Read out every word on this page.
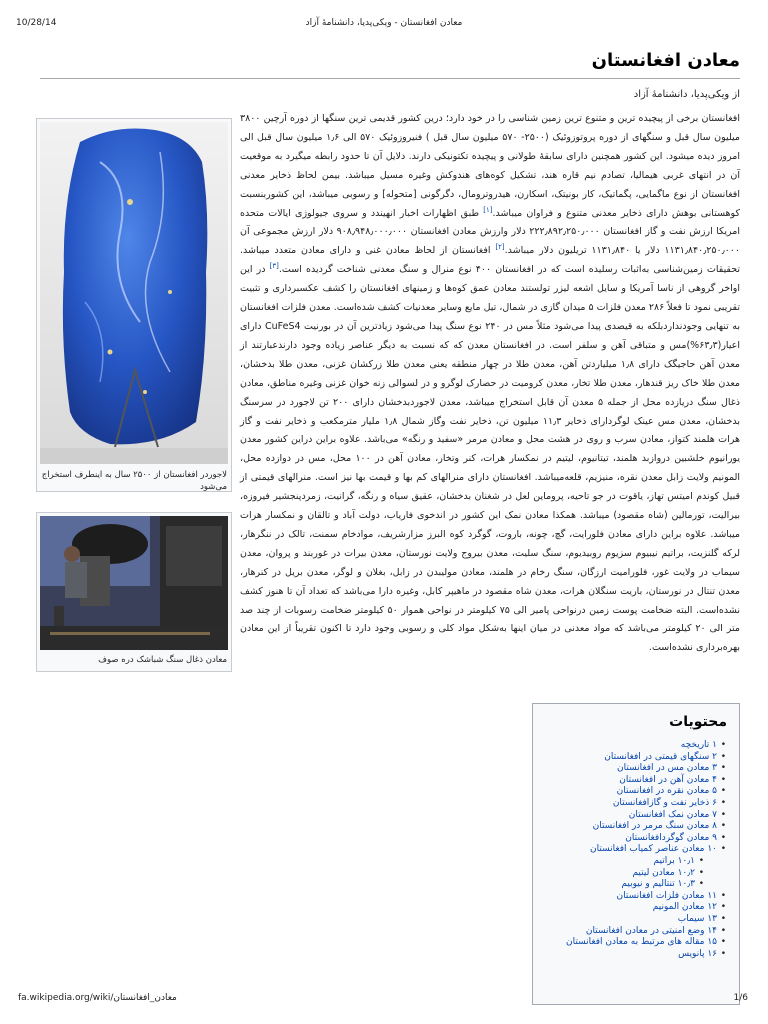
10/28/14	معادن افغانستان - ویکی‌پدیا، دانشنامهٔ آزاد
معادن افغانستان
از ویکی‌پدیا، دانشنامهٔ آزاد

افغانستان برخی از پیچیده ترین و متنوع ترین زمین شناسی را در خود دارد؛ درین کشور قدیمی ترین سنگها از دوره آرچین ۳۸۰۰ میلیون سال قبل و سنگهای از دوره پروتوزوئیک (۲۵۰۰- ۵۷۰ میلیون سال قبل ) فنیروزوئیک ۵۷۰ الی ۱٫۶ میلیون سال قبل الی امروز دیده میشود. این کشور همچنین دارای سابقهٔ طولانی و پیچیده تکتونیکی دارند. دلایل آن تا حدود رابطه میگیرد به موقعیت آن در انتهای غربی هیمالیا، تصادم نیم قاره هند، تشکیل کوه‌های هندوکش وغیره مسیل میباشد. بیمن لحاظ ذخایر معدنی افغانستان از نوع ماگمایی، پگماتیک، کار بونیتک، اسکارن، هیدروترومال، دگرگونی [متحوله] و رسوبی میباشد، این کشوربنسبت کوهستانی بوهش دارای ذخایر معدنی متنوع و فراوان میباشد.[۱] طبق اظهارات اخبار انهیندد و سروی جیولوژی ایالات متحده امریکا ارزش نفت و گاز افغانستان ۲۲۲٫۸۹۲٫۲۵۰٫۰۰۰ دلار وارزش معادن افغانستان ۹۰۸٫۹۴۸٫۰۰۰٫۰۰۰ دلار ارزش مجموعی آن ۱۱۳۱٫۸۴۰٫۲۵۰٫۰۰۰ دلار یا ۱۱۳۱٫۸۴۰ تریلیون دلار میباشد.[۲] افغانستان از لحاظ معادن غنی و دارای معادن متعدد میباشد. تحقیقات زمین‌شناسی به‌اثبات رسلیده است که در افغانستان ۴۰۰ نوع منرال و سنگ معدنی شناخت گردیده است.[۳] در این اواخر گروهی از ناسا آمریکا و سایل اشعه لیزر تولستند معادن عمق کوه‌ها و زمینهای افغانستان را کشف عکسبرداری و تثبیت تقریبی نمود تا فعلاً ۲۸۶ معدن فلزات ۵ میدان گازی در شمال، تیل مایع وسایر معدنیات کشف شده‌است. معدن فلزات افغانستان به تنهایی وجودنداردبلکه به قیصدی پیدا می‌شود مثلاً مس در ۲۴۰ نوع سنگ پیدا می‌شود زیادترین آن در بورنیت CuFeS4 دارای اعیار(۶۳٫۳%)مس و متباقی آهن و سلفر است. در افغانستان معدن که که نسبت به دیگر عناصر زیاده وجود دارندعبارتند از معدن آهن حاجیگک دارای ۱٫۸ میلیاردتن آهن، معدن طلا در چهار منطقه یعنی معدن طلا زرکشان غزنی، معدن طلا بدخشان، معدن طلا خاک ریز قندهار، معدن طلا تخار، معدن کرومیت در حصارک لوگرو و در لسوالی زنه خوان غزنی وغیره مناطق، معادن ذغال سنگ دریازده محل از جمله ۵ معدن آن قابل استخراج میباشد، معدن لاجوردبدخشان دارای ۲۰۰ تن لاجورد در سرسنگ بدخشان، معدن مس عینک لوگردارای ذخایر ۱۱٫۳ میلیون تن، ذخایر نفت وگاز شمال ۱٫۸ ملیار مترمکعب و ذخایر نفت و گاز هرات هلمند کتواز، معادن سرب و روی در هشت محل و معادن مرمر «سفید و رنگه» می‌باشد. علاوه براین دراین کشور معدن یورانیوم خلشبین دروازبد هلمند، تیتانیوم، لیتیم در نمکسار هرات، کنر وتخار، معادن آهن در ۱۰۰ محل، مس در دوازده محل، المونیم ولایت زابل معدن نقره، منیزیم، قلعه‌میباشد. افغانستان دارای منرالهای کم بها و قیمت بها نیز است. منرالهای قیمتی از قبیل کوندم امیتس تهاز، یاقوت در جو تاحیه، پروماین لعل در شغنان بدخشان، عقیق سیاه و رنگه، گرانیت، زمردپنجشیر فیروزه، بیرالیت، تورمالین (شاه مقصود) میباشد. همکذا معادن نمک این کشور در اندخوی فاریاب، دولت آباد و تالقان و نمکسار هرات میباشد. علاوه براین دارای معادن فلورایت، گچ، چونه، باروت، گوگرد کوه البرز مزارشریف، موادخام سمنت، تالک در ننگرهار، لرکه گلنزیت، براتیم نیبیوم سزیوم روبیدیوم، سنگ سلیت، معدن بیروج ولایت نورستان، معدن بیرات در غوربند و پروان، معدن سیماب در ولایت غور، فلورامیت ارزگان، سنگ رخام در هلمند، معادن مولیبدن در زابل، بغلان و لوگر، معدن بریل در کنرهار، معدن تنتال در نورستان، باریت سنگلان هرات، معدن شاه مقصود در ماهیپر کابل، وغیره دارا می‌باشد که تعداد آن تا هنوز کشف نشده‌است. البته ضخامت پوست زمین درنواحی پامیر الی ۷۵ کیلومتر در نواحی هموار ۵۰ کیلومتر ضخامت رسوبات از چند صد متر الی ۲۰ کیلومتر می‌باشد که مواد معدنی در میان اینها به‌شکل مواد کلی و رسوبی وجود دارد تا اکنون تقریباً از این معادن بهره‌برداری نشده‌است.

لاجوردر افغانستان از ۲۵۰۰ سال به اینطرف استخراج می‌شود
معادن ذغال سنگ شباشک دره صوف
محتویات
• ۱ تاریخچه
• ۲ سنگهای قیمتی در افغانستان
• ۳ معادن مس در افغانستان
• ۴ معادن آهن در افغانستان
• ۵ معادن نقره در افغانستان
• ۶ ذخایر نفت و گازافغانستان
• ۷ معادن نمک افغانستان
• ۸ معادن سنگ مرمر در افغانستان
• ۹ معادن گوگردافغانستان
• ۱۰ معادن عناصر کمیاب افغانستان
• ۱۰٫۱ براتیم
• ۱۰٫۲ معادن لیتیم
• ۱۰٫۳ تنتالیم و نیوبیم
• ۱۱ معادن فلزات افغانستان
• ۱۲ معادن المونیم
• ۱۳ سیماب
• ۱۴ وضع امنیتی در معادن افغانستان
• ۱۵ مقاله های مرتبط به معادن افغانستان
• ۱۶ پانویس
fa.wikipedia.org/wiki/معادن_افغانستان	1/6
